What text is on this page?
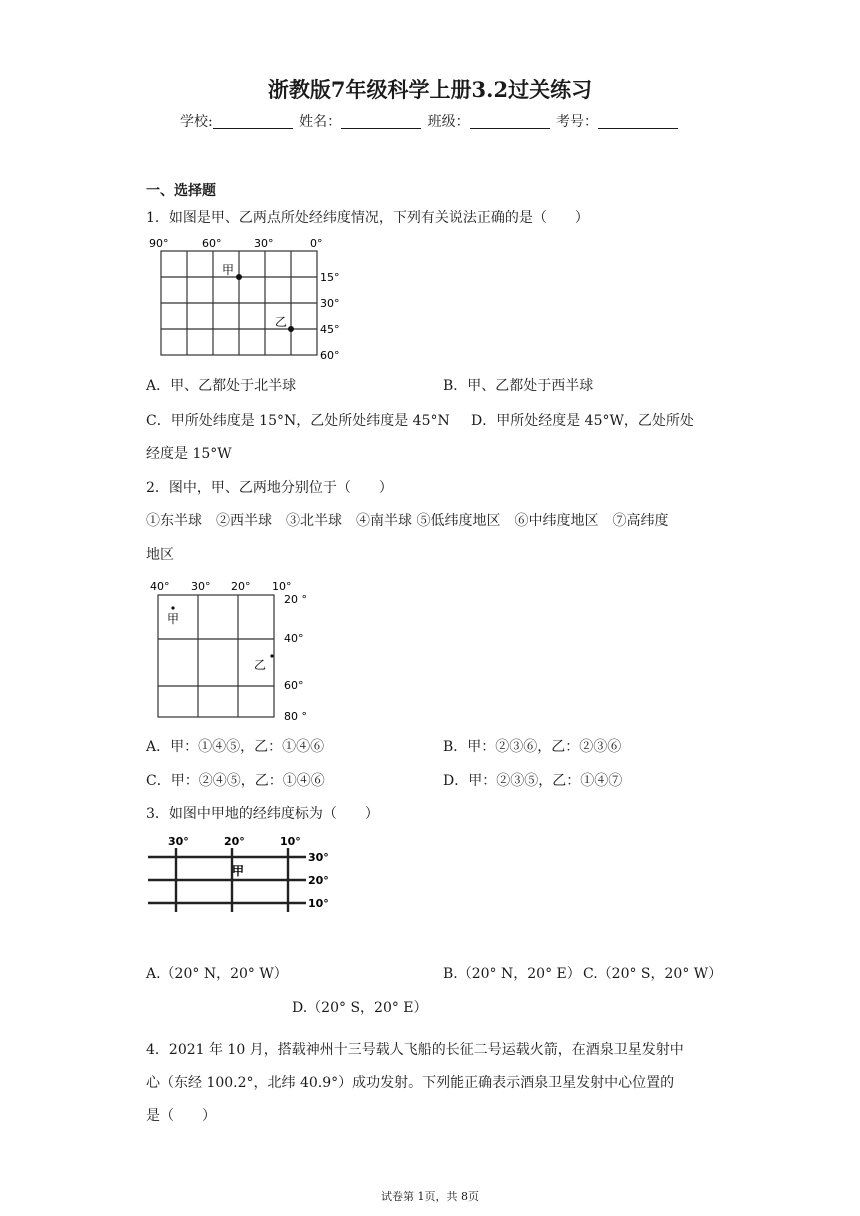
浙教版7年级科学上册3.2过关练习
学校:	姓名：	班级：	考号：
一、选择题
1．如图是甲、乙两点所处经纬度情况，下列有关说法正确的是（　　）
90°	60°	30°	0°
15°
30°
45°
60°
甲
乙
A．甲、乙都处于北半球	B．甲、乙都处于西半球
C．甲所处纬度是 15°N，乙处所处纬度是 45°N D．甲所处经度是 45°W，乙处所处
经度是 15°W
2．图中，甲、乙两地分别位于（　　）
①东半球　②西半球　③北半球　④南半球 ⑤低纬度地区　⑥中纬度地区　⑦高纬度
地区
40° 30° 20° 10°
20 °
40°
60°
80 °
甲
乙
A．甲：①④⑤，乙：①④⑥	B．甲：②③⑥，乙：②③⑥
C．甲：②④⑤，乙：①④⑥	D．甲：②③⑤，乙：①④⑦
3．如图中甲地的经纬度标为（　　）
30°	20°	10°
30°
20°
10°
甲
A.（20° N，20° W）	B.（20° N，20° E） C.（20° S，20° W）
D.（20° S，20° E）
4．2021 年 10 月，搭载神州十三号载人飞船的长征二号运载火箭，在酒泉卫星发射中
心（东经 100.2°，北纬 40.9°）成功发射。下列能正确表示酒泉卫星发射中心位置的
是（　　）
试卷第 1页，共 8页
